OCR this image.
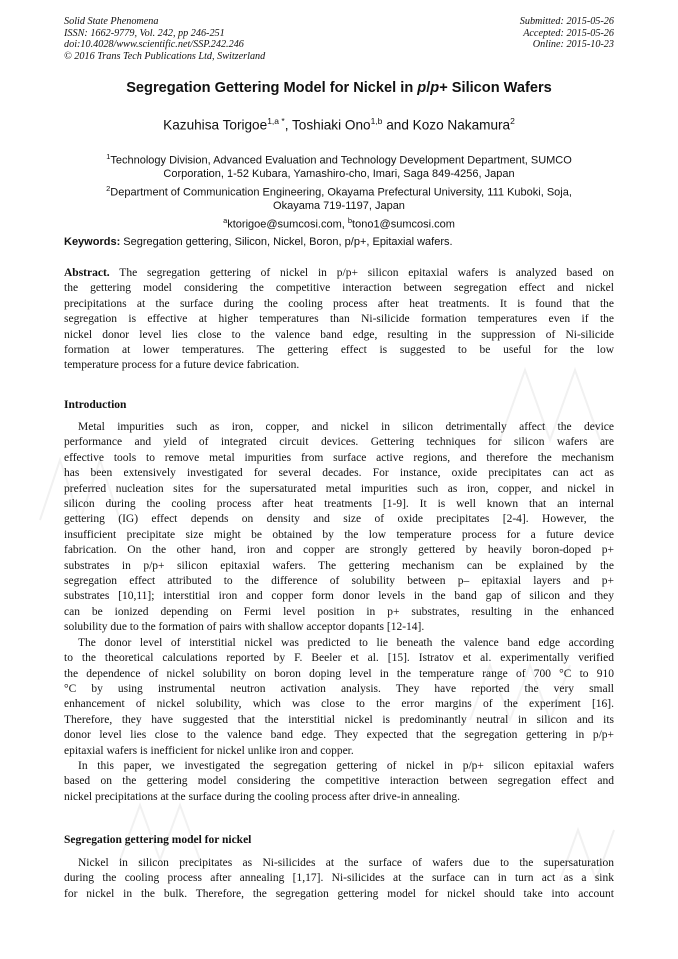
Solid State Phenomena
ISSN: 1662-9779, Vol. 242, pp 246-251
doi:10.4028/www.scientific.net/SSP.242.246
© 2016 Trans Tech Publications Ltd, Switzerland
Submitted: 2015-05-26
Accepted: 2015-05-26
Online: 2015-10-23
Segregation Gettering Model for Nickel in p/p+ Silicon Wafers
Kazuhisa Torigoe$^{1,a *}$, Toshiaki Ono$^{1,b}$ and Kozo Nakamura$^2$
$^1$Technology Division, Advanced Evaluation and Technology Development Department, SUMCO
Corporation, 1-52 Kubara, Yamashiro-cho, Imari, Saga 849-4256, Japan
$^2$Department of Communication Engineering, Okayama Prefectural University, 111 Kuboki, Soja,
Okayama 719-1197, Japan
$^a$ktorigoe@sumcosi.com, $^b$tono1@sumcosi.com
Keywords: Segregation gettering, Silicon, Nickel, Boron, p/p+, Epitaxial wafers.

Abstract. The segregation gettering of nickel in p/p+ silicon epitaxial wafers is analyzed based on

the gettering model considering the competitive interaction between segregation effect and nickel

precipitations at the surface during the cooling process after heat treatments. It is found that the

segregation is effective at higher temperatures than Ni-silicide formation temperatures even if the

nickel donor level lies close to the valence band edge, resulting in the suppression of Ni-silicide

formation at lower temperatures. The gettering effect is suggested to be useful for the low

temperature process for a future device fabrication.

Introduction

Metal impurities such as iron, copper, and nickel in silicon detrimentally affect the device

performance and yield of integrated circuit devices. Gettering techniques for silicon wafers are

effective tools to remove metal impurities from surface active regions, and therefore the mechanism

has been extensively investigated for several decades. For instance, oxide precipitates can act as

preferred nucleation sites for the supersaturated metal impurities such as iron, copper, and nickel in

silicon during the cooling process after heat treatments [1-9]. It is well known that an internal

gettering (IG) effect depends on density and size of oxide precipitates [2-4]. However, the

insufficient precipitate size might be obtained by the low temperature process for a future device

fabrication. On the other hand, iron and copper are strongly gettered by heavily boron-doped p+

substrates in p/p+ silicon epitaxial wafers. The gettering mechanism can be explained by the

segregation effect attributed to the difference of solubility between p– epitaxial layers and p+

substrates [10,11]; interstitial iron and copper form donor levels in the band gap of silicon and they

can be ionized depending on Fermi level position in p+ substrates, resulting in the enhanced

solubility due to the formation of pairs with shallow acceptor dopants [12-14].

The donor level of interstitial nickel was predicted to lie beneath the valence band edge according

to the theoretical calculations reported by F. Beeler et al. [15]. Istratov et al. experimentally verified

the dependence of nickel solubility on boron doping level in the temperature range of 700 °C to 910

°C by using instrumental neutron activation analysis. They have reported the very small

enhancement of nickel solubility, which was close to the error margins of the experiment [16].

Therefore, they have suggested that the interstitial nickel is predominantly neutral in silicon and its

donor level lies close to the valence band edge. They expected that the segregation gettering in p/p+

epitaxial wafers is inefficient for nickel unlike iron and copper.

In this paper, we investigated the segregation gettering of nickel in p/p+ silicon epitaxial wafers

based on the gettering model considering the competitive interaction between segregation effect and

nickel precipitations at the surface during the cooling process after drive-in annealing.

Segregation gettering model for nickel

Nickel in silicon precipitates as Ni-silicides at the surface of wafers due to the supersaturation

during the cooling process after annealing [1,17]. Ni-silicides at the surface can in turn act as a sink

for nickel in the bulk. Therefore, the segregation gettering model for nickel should take into account
